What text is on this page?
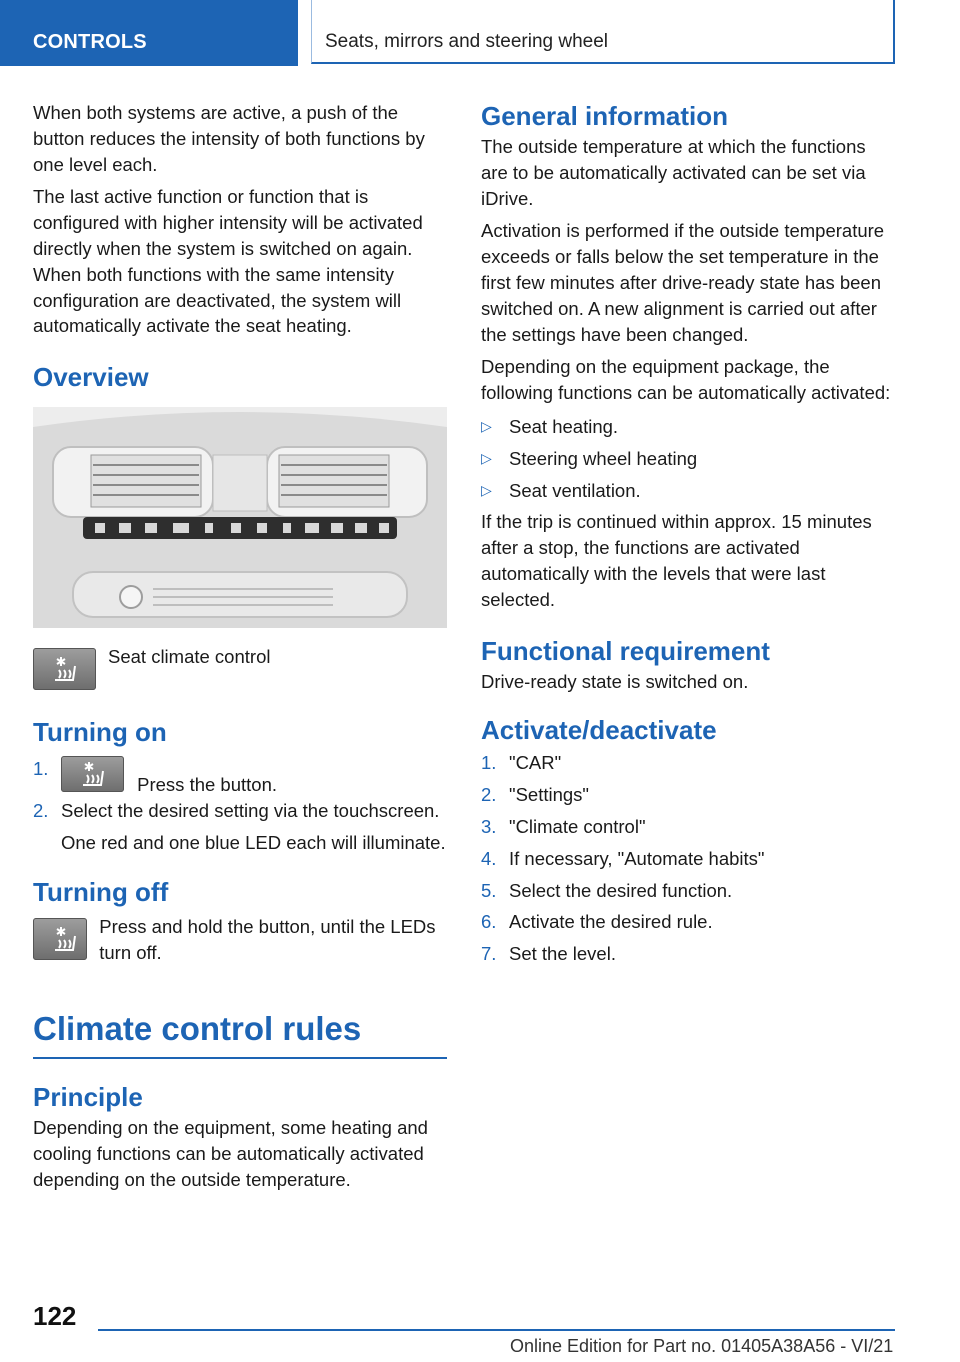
CONTROLS	Seats, mirrors and steering wheel

When both systems are active, a push of the button reduces the intensity of both functions by one level each.

The last active function or function that is configured with higher intensity will be activated directly when the system is switched on again. When both functions with the same intensity configuration are deactivated, the system will automatically activate the seat heating.

Overview

Seat climate control

Turning on
1.
Press the button.
2. Select the desired setting via the touchscreen.
One red and one blue LED each will illuminate.
Turning off

Press and hold the button, until the LEDs turn off.

Climate control rules
Principle

Depending on the equipment, some heating and cooling functions can be automatically activated depending on the outside temperature.

General information

The outside temperature at which the functions are to be automatically activated can be set via iDrive.

Activation is performed if the outside temperature exceeds or falls below the set temperature in the first few minutes after drive-ready state has been switched on. A new alignment is carried out after the settings have been changed.

Depending on the equipment package, the following functions can be automatically activated:

▷ Seat heating.
▷ Steering wheel heating
▷ Seat ventilation.

If the trip is continued within approx. 15 minutes after a stop, the functions are activated automatically with the levels that were last selected.

Functional requirement

Drive-ready state is switched on.

Activate/deactivate
1. "CAR"
2. "Settings"
3. "Climate control"
4. If necessary, "Automate habits"
5. Select the desired function.
6. Activate the desired rule.
7. Set the level.
122
Online Edition for Part no. 01405A38A56 - VI/21
